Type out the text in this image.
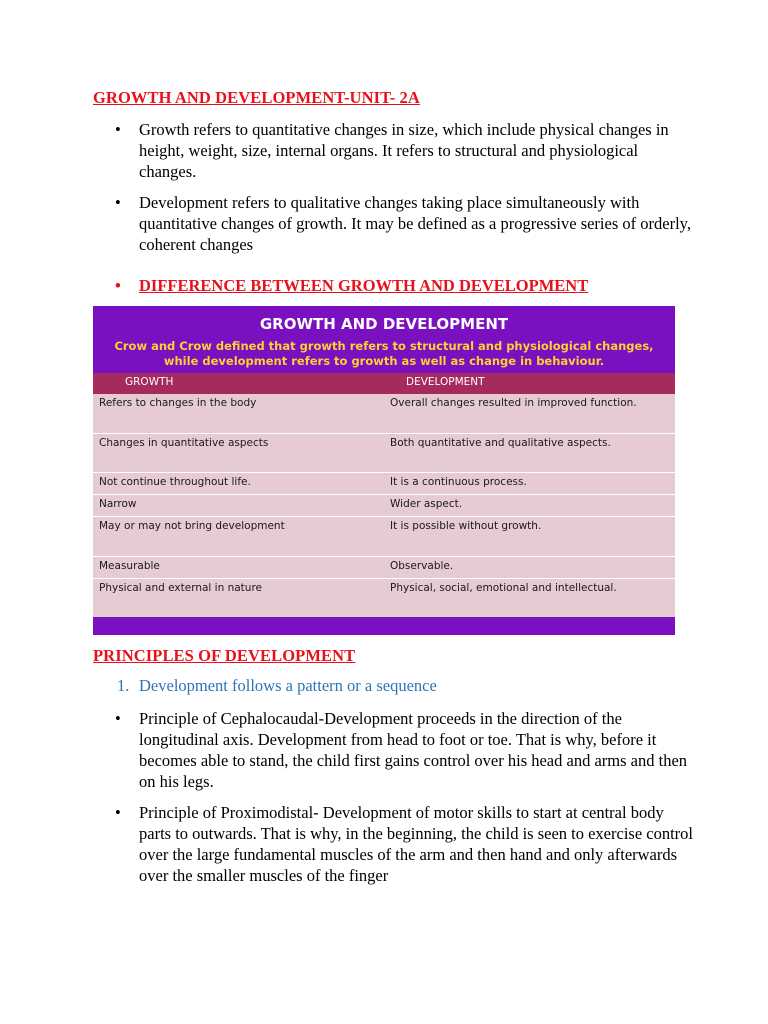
GROWTH AND DEVELOPMENT-UNIT- 2A
• Growth refers to quantitative changes in size, which include physical changes in height, weight, size, internal organs. It refers to structural and physiological changes.
• Development refers to qualitative changes taking place simultaneously with quantitative changes of growth. It may be defined as a progressive series of orderly, coherent changes
• DIFFERENCE BETWEEN GROWTH AND DEVELOPMENT
GROWTH AND DEVELOPMENT
Crow and Crow defined that growth refers to structural and physiological changes,
while development refers to growth as well as change in behaviour.
GROWTH	DEVELOPMENT
Refers to changes in the body	Overall changes resulted in improved function.
Changes in quantitative aspects	Both quantitative and qualitative aspects.
Not continue throughout life.	It is a continuous process.
Narrow	Wider aspect.
May or may not bring development	It is possible without growth.
Measurable	Observable.
Physical and external in nature	Physical, social, emotional and intellectual.
PRINCIPLES OF DEVELOPMENT
1. Development follows a pattern or a sequence
• Principle of Cephalocaudal-Development proceeds in the direction of the longitudinal axis. Development from head to foot or toe. That is why, before it becomes able to stand, the child first gains control over his head and arms and then on his legs.
• Principle of Proximodistal- Development of motor skills to start at central body parts to outwards. That is why, in the beginning, the child is seen to exercise control over the large fundamental muscles of the arm and then hand and only afterwards over the smaller muscles of the finger
